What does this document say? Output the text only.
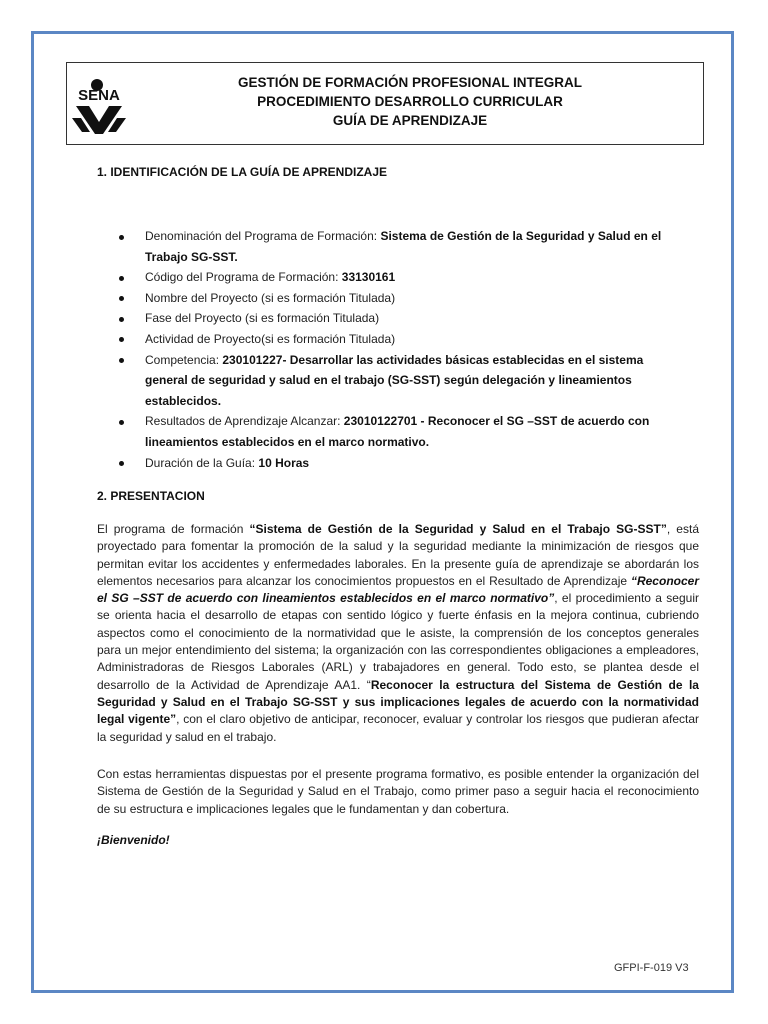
SENA
GESTIÓN DE FORMACIÓN PROFESIONAL INTEGRAL
PROCEDIMIENTO DESARROLLO CURRICULAR
GUÍA DE APRENDIZAJE
1. IDENTIFICACIÓN DE LA GUÍA DE APRENDIZAJE
Denominación del Programa de Formación: Sistema de Gestión de la Seguridad y Salud en el Trabajo SG-SST.
Código del Programa de Formación: 33130161
Nombre del Proyecto (si es formación Titulada)
Fase del Proyecto (si es formación Titulada)
Actividad de Proyecto(si es formación Titulada)
Competencia: 230101227- Desarrollar las actividades básicas establecidas en el sistema general de seguridad y salud en el trabajo (SG-SST) según delegación y lineamientos establecidos.
Resultados de Aprendizaje Alcanzar: 23010122701 - Reconocer el SG –SST de acuerdo con lineamientos establecidos en el marco normativo.
Duración de la Guía: 10 Horas
2. PRESENTACION

El programa de formación “Sistema de Gestión de la Seguridad y Salud en el Trabajo SG-SST”, está proyectado para fomentar la promoción de la salud y la seguridad mediante la minimización de riesgos que permitan evitar los accidentes y enfermedades laborales. En la presente guía de aprendizaje se abordarán los elementos necesarios para alcanzar los conocimientos propuestos en el Resultado de Aprendizaje “Reconocer el SG –SST de acuerdo con lineamientos establecidos en el marco normativo”, el procedimiento a seguir se orienta hacia el desarrollo de etapas con sentido lógico y fuerte énfasis en la mejora continua, cubriendo aspectos como el conocimiento de la normatividad que le asiste, la comprensión de los conceptos generales para un mejor entendimiento del sistema; la organización con las correspondientes obligaciones a empleadores, Administradoras de Riesgos Laborales (ARL) y trabajadores en general. Todo esto, se plantea desde el desarrollo de la Actividad de Aprendizaje AA1. “Reconocer la estructura del Sistema de Gestión de la Seguridad y Salud en el Trabajo SG-SST y sus implicaciones legales de acuerdo con la normatividad legal vigente”, con el claro objetivo de anticipar, reconocer, evaluar y controlar los riesgos que pudieran afectar la seguridad y salud en el trabajo.

Con estas herramientas dispuestas por el presente programa formativo, es posible entender la organización del Sistema de Gestión de la Seguridad y Salud en el Trabajo, como primer paso a seguir hacia el reconocimiento de su estructura e implicaciones legales que le fundamentan y dan cobertura.

¡Bienvenido!
GFPI-F-019 V3
